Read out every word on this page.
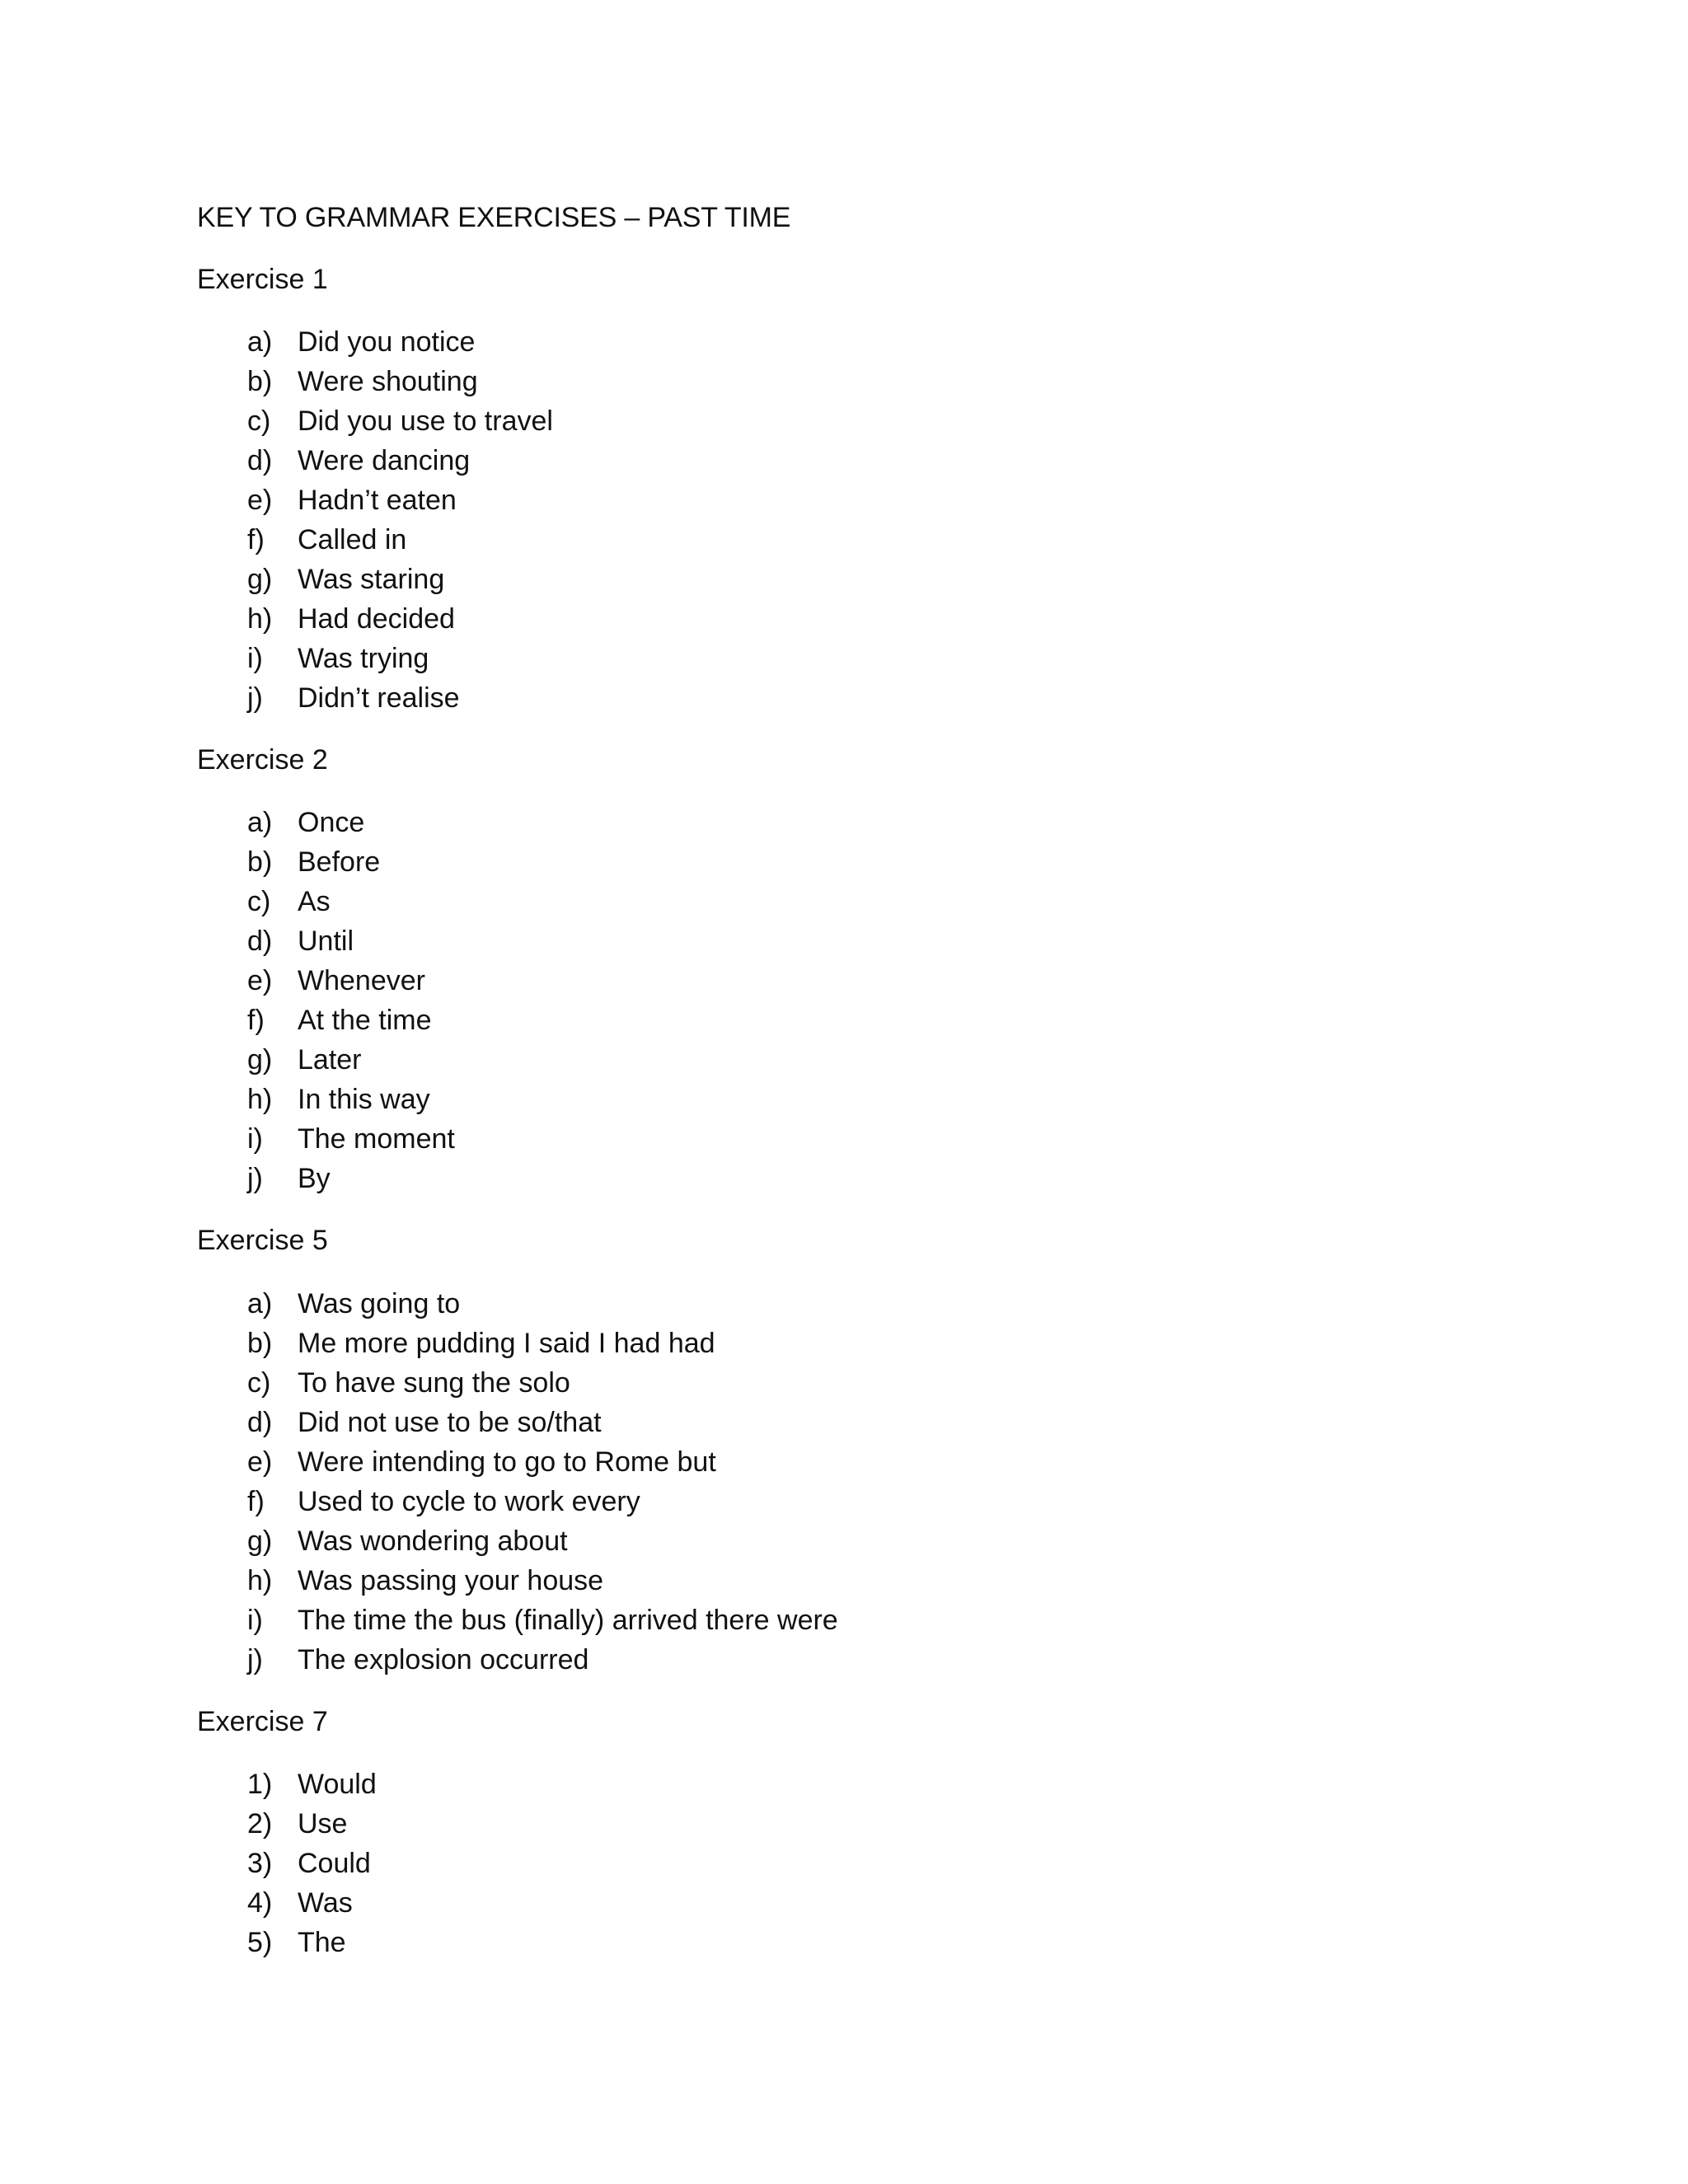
KEY TO GRAMMAR EXERCISES – PAST TIME
Exercise 1
a) Did you notice
b) Were shouting
c) Did you use to travel
d) Were dancing
e) Hadn’t eaten
f)	Called in
g) Was staring
h) Had decided
i)	Was trying
j)	Didn’t realise
Exercise 2
a) Once
b) Before
c) As
d) Until
e) Whenever
f)	At the time
g) Later
h) In this way
i)	The moment
j)	By
Exercise 5
a) Was going to
b) Me more pudding I said I had had
c) To have sung the solo
d) Did not use to be so/that
e) Were intending to go to Rome but
f)	Used to cycle to work every
g) Was wondering about
h) Was passing your house
i)	The time the bus (finally) arrived there were
j)	The explosion occurred
Exercise 7
1) Would
2) Use
3) Could
4) Was
5) The
